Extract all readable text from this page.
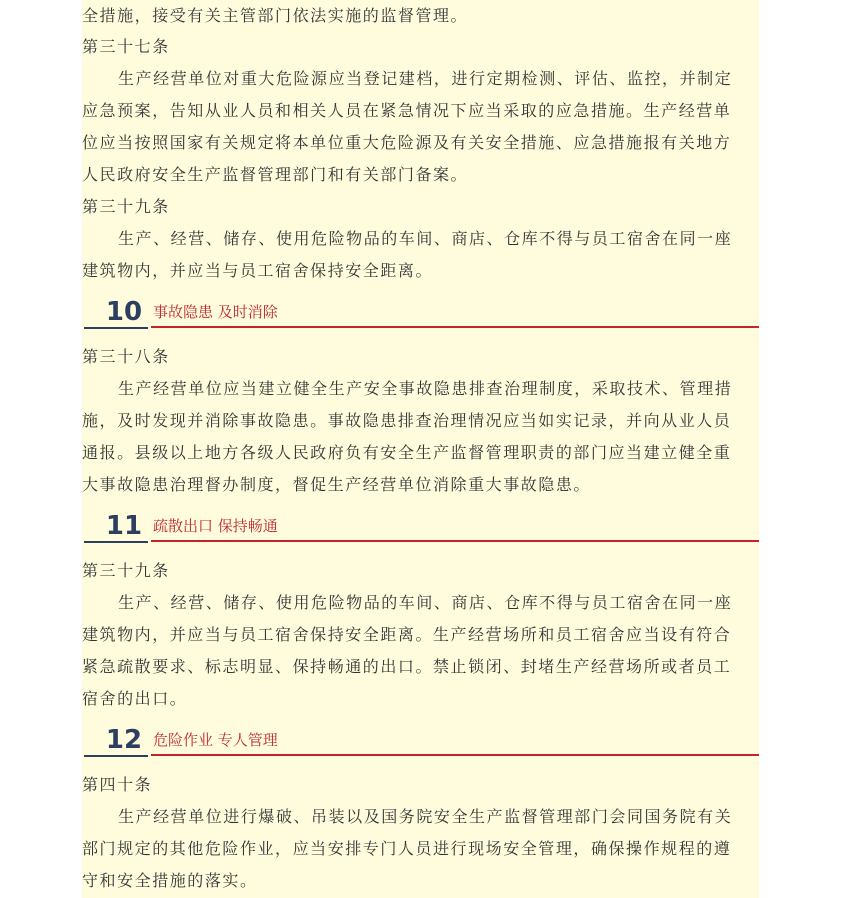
全措施，接受有关主管部门依法实施的监督管理。
第三十七条
生产经营单位对重大危险源应当登记建档，进行定期检测、评估、监控，并制定
应急预案，告知从业人员和相关人员在紧急情况下应当采取的应急措施。生产经营单
位应当按照国家有关规定将本单位重大危险源及有关安全措施、应急措施报有关地方
人民政府安全生产监督管理部门和有关部门备案。
第三十九条
生产、经营、储存、使用危险物品的车间、商店、仓库不得与员工宿舍在同一座
建筑物内，并应当与员工宿舍保持安全距离。
10 事故隐患 及时消除
第三十八条
生产经营单位应当建立健全生产安全事故隐患排查治理制度，采取技术、管理措
施，及时发现并消除事故隐患。事故隐患排查治理情况应当如实记录，并向从业人员
通报。县级以上地方各级人民政府负有安全生产监督管理职责的部门应当建立健全重
大事故隐患治理督办制度，督促生产经营单位消除重大事故隐患。
11 疏散出口 保持畅通
第三十九条
生产、经营、储存、使用危险物品的车间、商店、仓库不得与员工宿舍在同一座
建筑物内，并应当与员工宿舍保持安全距离。生产经营场所和员工宿舍应当设有符合
紧急疏散要求、标志明显、保持畅通的出口。禁止锁闭、封堵生产经营场所或者员工
宿舍的出口。
12 危险作业 专人管理
第四十条
生产经营单位进行爆破、吊装以及国务院安全生产监督管理部门会同国务院有关
部门规定的其他危险作业，应当安排专门人员进行现场安全管理，确保操作规程的遵
守和安全措施的落实。
